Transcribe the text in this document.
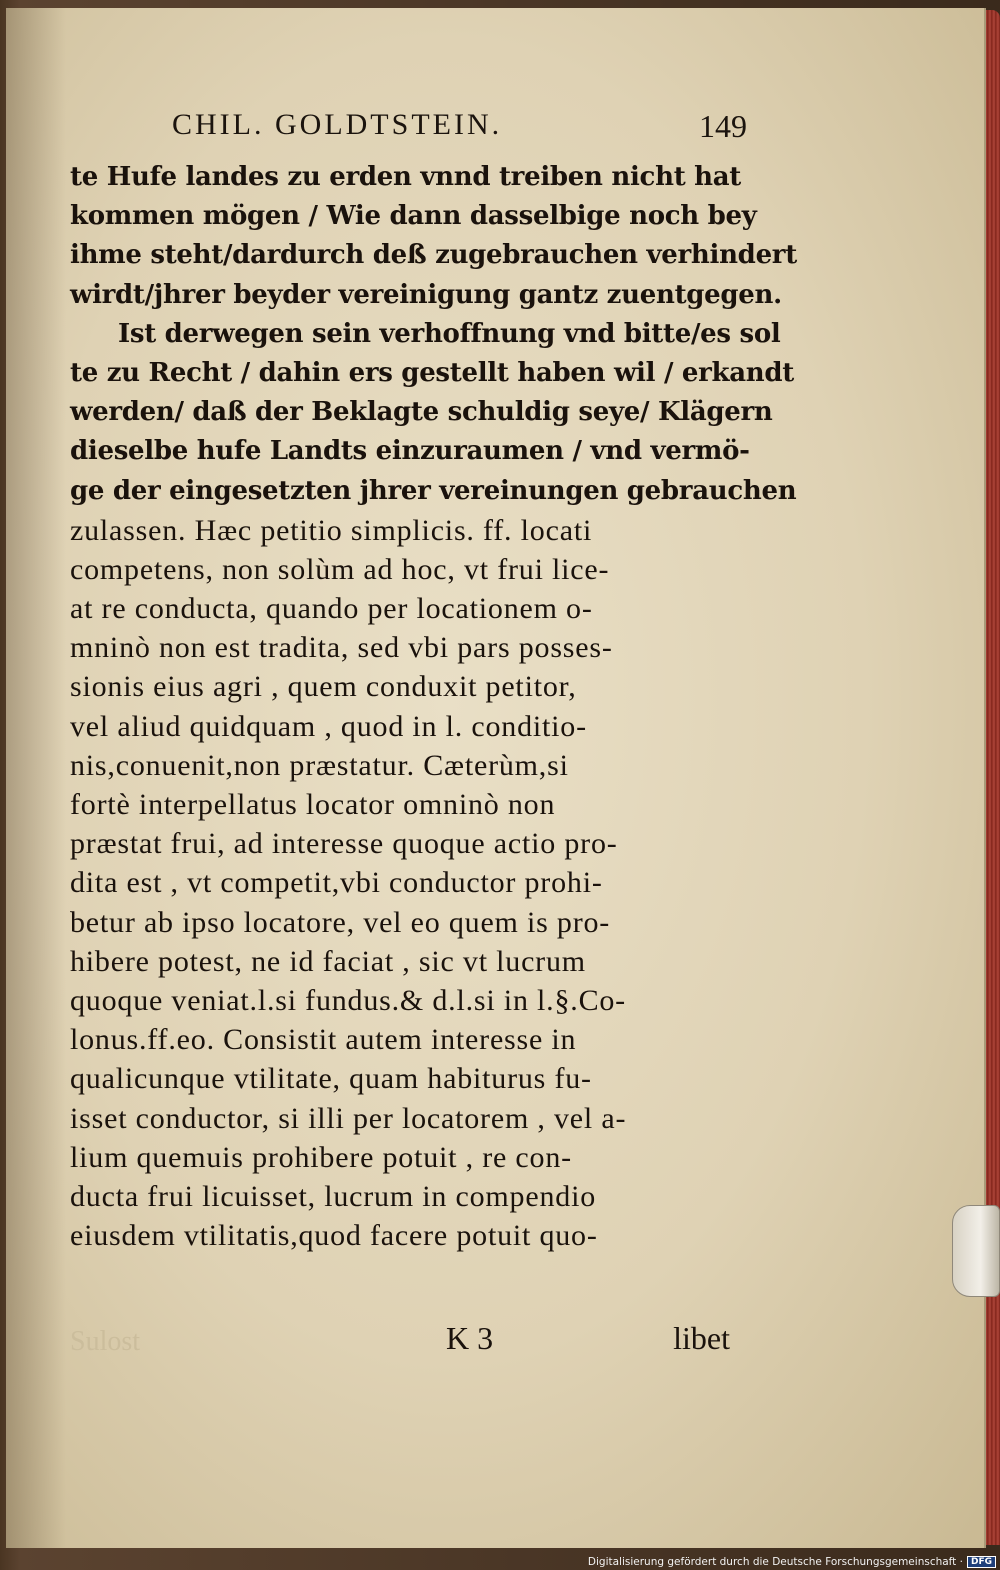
CHIL. GOLDTSTEIN.	149
te Hufe landes zu erden vnnd treiben nicht hat
kommen mögen / Wie dann dasselbige noch bey
ihme steht/dardurch deß zugebrauchen verhindert
wirdt/jhrer beyder vereinigung gantz zuentgegen.
Ist derwegen sein verhoffnung vnd bitte/es sol
te zu Recht / dahin ers gestellt haben wil / erkandt
werden/ daß der Beklagte schuldig seye/ Klägern
dieselbe hufe Landts einzuraumen / vnd vermö-
ge der eingesetzten jhrer vereinungen gebrauchen
zulassen. Hæc petitio simplicis. ff. locati
competens, non solùm ad hoc, vt frui lice-
at re conducta, quando per locationem o-
mninò non est tradita, sed vbi pars posses-
sionis eius agri , quem conduxit petitor,
vel aliud quidquam , quod in l. conditio-
nis,conuenit,non præstatur. Cæterùm,si
fortè interpellatus locator omninò non
præstat frui, ad interesse quoque actio pro-
dita est , vt competit,vbi conductor prohi-
betur ab ipso locatore, vel eo quem is pro-
hibere potest, ne id faciat , sic vt lucrum
quoque veniat.l.si fundus.& d.l.si in l.§.Co-
lonus.ff.eo. Consistit autem interesse in
qualicunque vtilitate, quam habiturus fu-
isset conductor, si illi per locatorem , vel a-
lium quemuis prohibere potuit , re con-
ducta frui licuisset, lucrum in compendio
eiusdem vtilitatis,quod facere potuit quo-
Sulost	K 3	libet
Digitalisierung gefördert durch die Deutsche Forschungsgemeinschaft · DFG
